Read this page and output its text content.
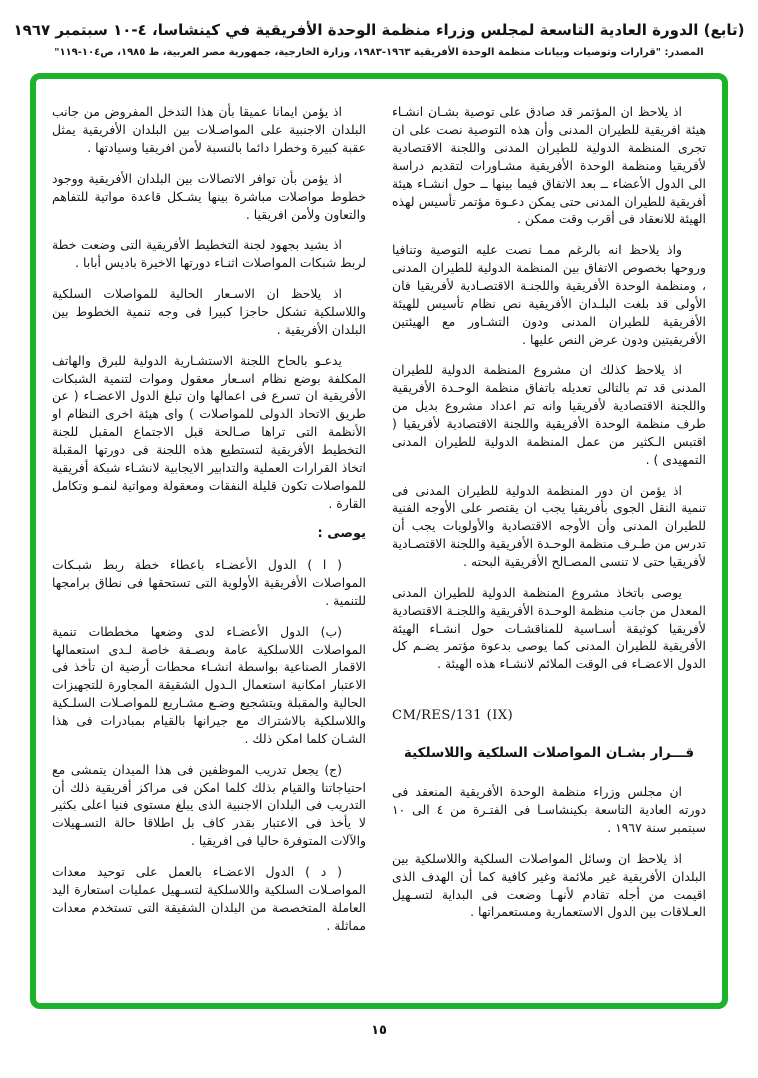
(تابع) الدورة العادية التاسعة لمجلس وزراء منظمة الوحدة الأفريقية في كينشاسا، ٤-١٠ سبتمبر ١٩٦٧
المصدر: "قرارات وتوصيات وبيانات منظمة الوحدة الأفريقية ١٩٦٣-١٩٨٣، وزارة الخارجية، جمهورية مصر العربية، ط ١٩٨٥، ص١٠٤-١١٩"

اذ يلاحظ ان المؤتمر قد صادق على توصية بشـان انشـاء هيئة افريقية للطيران المدنى وأن هذه التوصية نصت على ان تجرى المنظمة الدولية للطيران المدنى واللجنة الاقتصادية لأفريقيا ومنظمة الوحدة الأفريقية مشـاورات لتقديم دراسة الى الدول الأعضاء ــ بعد الاتفاق فيما بينها ــ حول انشـاء هيئة أفريقية للطيران المدنى حتى يمكن دعـوة مؤتمر تأسيس لهذه الهيئة للانعقاد فى أقرب وقت ممكن .

واذ يلاحظ انه بالرغم ممـا نصت عليه التوصية وتنافيا وروحها بخصوص الاتفاق بين المنظمة الدولية للطيران المدنى ، ومنظمة الوحدة الأفريقية واللجنـة الاقتصـادية لأفريقيا فان الأولى قد بلغت البلـدان الأفريقية نص نظام تأسيس للهيئة الأفريقية للطيران المدنى ودون التشـاور مع الهيئتين الأفريقيتين ودون عرض النص عليها .

اذ يلاحظ كذلك ان مشروع المنظمة الدولية للطيران المدنى قد تم بالتالى تعديله باتفاق منظمة الوحـدة الأفريقية واللجنة الاقتصادية لأفريقيا وانه تم اعداد مشروع بديل من طرف منظمة الوحدة الأفريقية واللجنة الاقتصادية لأفريقيا ( اقتبس الـكثير من عمل المنظمة الدولية للطيران المدنى التمهيدى ) .

اذ يؤمن ان دور المنظمة الدولية للطيران المدنى فى تنمية النقل الجوى بأفريقيا يجب ان يقتصر على الأوجه الفنية للطيران المدنى وأن الأوجه الاقتصادية والأولويات يجب أن تدرس من طـرف منظمة الوحـدة الأفريقية واللجنة الاقتصـادية لأفريقيا حتى لا تنسى المصـالح الأفريقية البحته .

يوصى باتخاذ مشروع المنظمة الدولية للطيران المدنى المعدل من جانب منظمة الوحـدة الأفريقية واللجنـة الاقتصادية لأفريقيا كوثيقة أسـاسية للمناقشـات حول انشـاء الهيئة الأفريقية للطيران المدنى كما يوصى بدعوة مؤتمر يضـم كل الدول الاعضـاء فى الوقت الملائم لانشـاء هذه الهيئة .

CM/RES/131 (IX)
قـــرار بشـان المواصلات السلكية واللاسلكية

ان مجلس وزراء منظمة الوحدة الأفريقية المنعقد فى دورته العادية التاسعة بكينشاسـا فى الفتـرة من ٤ الى ١٠ سبتمبر سنة ١٩٦٧ .

اذ يلاحظ ان وسائل المواصلات السلكية واللاسلكية بين البلدان الأفريقية غير ملائمة وغير كافية كما أن الهدف الذى اقيمت من أجله تقادم لأنهـا وضعت فى البداية لتسـهيل العـلاقات بين الدول الاستعمارية ومستعمراتها .

اذ يؤمن ايمانا عميقا بأن هذا التدخل المفروض من جانب البلدان الاجنبية على المواصـلات بين البلدان الأفريقية يمثل عقبة كبيرة وخطرا دائما بالنسبة لأمن افريقيا وسيادتها .

اذ يؤمن بأن توافر الاتصالات بين البلدان الأفريقية ووجود خطوط مواصلات مباشرة بينها يشـكل قاعدة مواتية للتفاهم والتعاون ولأمن افريقيا .

اذ يشيد بجهود لجنة التخطيط الأفريقية التى وضعت خطة لربط شبكات المواصلات اثنـاء دورتها الاخيرة باديس أبابا .

اذ يلاحظ ان الاسـعار الحالية للمواصلات السلكية واللاسلكية تشكل حاجزا كبيرا فى وجه تنمية الخطوط بين البلدان الأفريقية .

يدعـو بالحاح اللجنة الاستشـارية الدولية للبرق والهاتف المكلفة بوضع نظام اسـعار معقول وموات لتنمية الشبكات الأفريقية ان تسرع فى اعمالها وان تبلغ الدول الاعضـاء ( عن طريق الاتحاد الدولى للمواصلات ) واى هيئة اخرى النظام او الأنظمة التى تراها صـالحة قبل الاجتماع المقبل للجنة التخطيط الأفريقية لتستطيع هذه اللجنة فى دورتها المقبلة اتخاذ القرارات العملية والتدابير الايجابية لانشـاء شبكة أفريقية للمواصلات تكون قليلة النفقات ومعقولة ومواتية لنمـو وتكامل القارة .

يوصى :

( ا ) الدول الأعضـاء باعطاء خطة ربط شبـكات المواصلات الأفريقية الأولوية التى تستحقها فى نطاق برامجها للتنمية .

(ب) الدول الأعضـاء لدى وضعها مخططات تنمية المواصلات اللاسلكية عامة وبصـفة خاصة لـدى استعمالها الاقمار الصناعية بواسطة انشـاء محطات أرضية ان تأخذ فى الاعتبار امكانية استعمال الـدول الشقيقة المجاورة للتجهيزات الحالية والمقبلة وبتشجيع وضـع مشـاريع للمواصـلات السلـكية واللاسلكية بالاشتراك مع جيرانها بالقيام بمبادرات فى هذا الشـان كلما امكن ذلك .

(ج) يجعل تدريب الموظفين فى هذا الميدان يتمشى مع احتياجاتنا والقيام بذلك كلما امكن فى مراكز أفريقية ذلك أن التدريب فى البلدان الاجنبية الذى يبلغ مستوى فنيا اعلى بكثير لا يأخذ فى الاعتبار بقدر كاف بل اطلاقا حالة التسـهيلات والآلات المتوفرة حاليا فى افريقيا .

( د ) الدول الاعضـاء بالعمل على توحيد معدات المواصـلات السلكية واللاسلكية لتسـهيل عمليات استعارة اليد العاملة المتخصصة من البلدان الشقيقة التى تستخدم معدات مماثلة .

١٥
